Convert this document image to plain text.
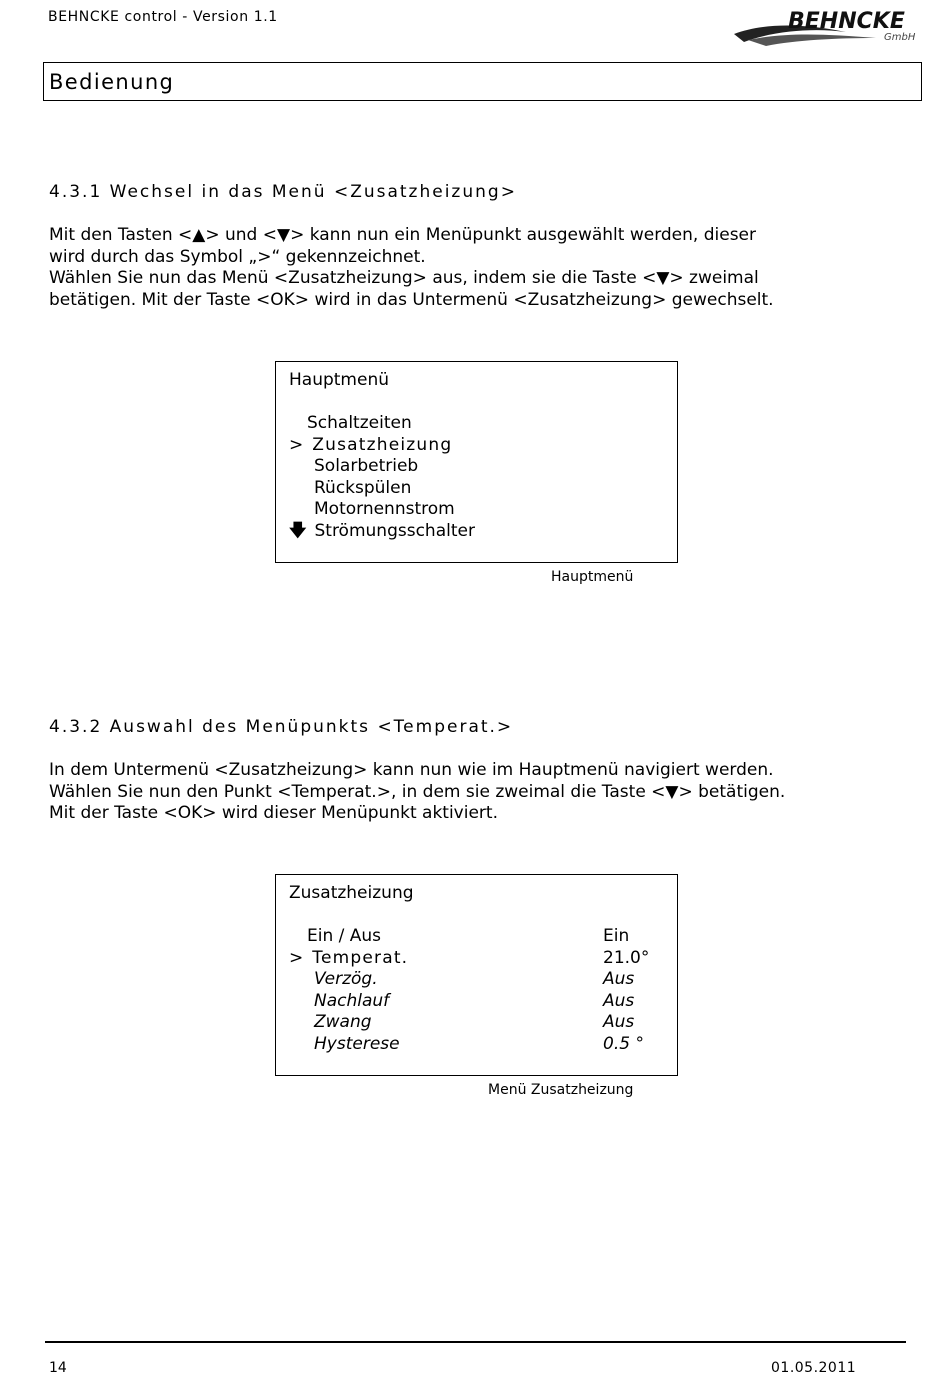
BEHNCKE control - Version 1.1	BEHNCKE
GmbH
Bedienung
4.3.1 Wechsel in das Menü <Zusatzheizung>

Mit den Tasten <▲> und <▼> kann nun ein Menüpunkt ausgewählt werden, dieser

wird durch das Symbol „>“ gekennzeichnet.

Wählen Sie nun das Menü <Zusatzheizung> aus, indem sie die Taste <▼> zweimal

betätigen. Mit der Taste <OK> wird in das Untermenü <Zusatzheizung> gewechselt.

Hauptmenü
Schaltzeiten
> Zusatzheizung
Solarbetrieb
Rückspülen
Motornennstrom
🡇 Strömungsschalter
Hauptmenü
4.3.2 Auswahl des Menüpunkts <Temperat.>

In dem Untermenü <Zusatzheizung> kann nun wie im Hauptmenü navigiert werden.

Wählen Sie nun den Punkt <Temperat.>, in dem sie zweimal die Taste <▼> betätigen.

Mit der Taste <OK> wird dieser Menüpunkt aktiviert.

Zusatzheizung
Ein / Aus	Ein
> Temperat.	21.0°
Verzög.	Aus
Nachlauf	Aus
Zwang	Aus
Hysterese	0.5 °
Menü Zusatzheizung
14	01.05.2011
